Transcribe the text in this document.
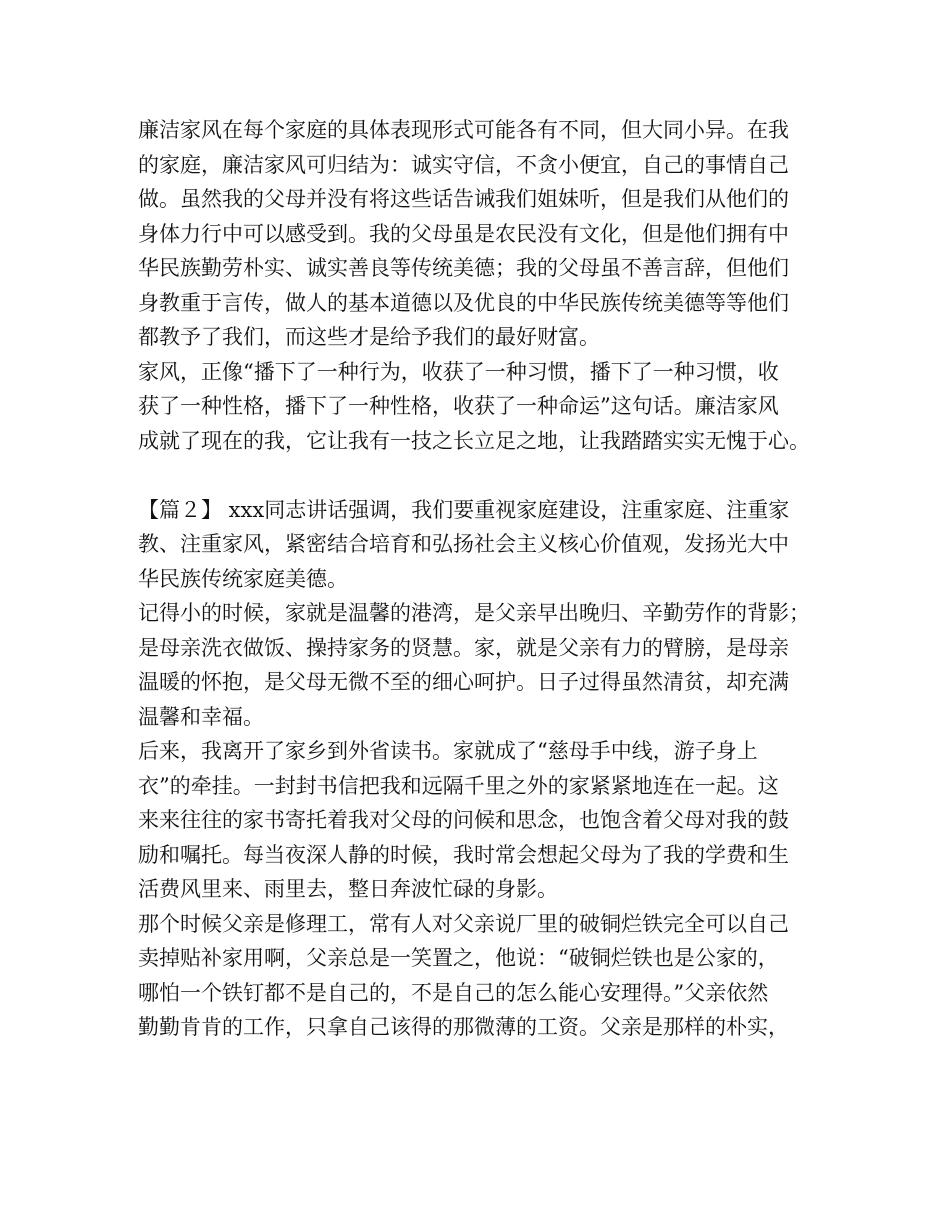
廉洁家风在每个家庭的具体表现形式可能各有不同，但大同小异。在我
的家庭，廉洁家风可归结为：诚实守信，不贪小便宜，自己的事情自己
做。虽然我的父母并没有将这些话告诫我们姐妹听，但是我们从他们的
身体力行中可以感受到。我的父母虽是农民没有文化，但是他们拥有中
华民族勤劳朴实、诚实善良等传统美德；我的父母虽不善言辞，但他们
身教重于言传，做人的基本道德以及优良的中华民族传统美德等等他们
都教予了我们，而这些才是给予我们的最好财富。
家风，正像“播下了一种行为，收获了一种习惯，播下了一种习惯，收
获了一种性格，播下了一种性格，收获了一种命运”这句话。廉洁家风
成就了现在的我，它让我有一技之长立足之地，让我踏踏实实无愧于心。
【篇２】 xxx同志讲话强调，我们要重视家庭建设，注重家庭、注重家
教、注重家风，紧密结合培育和弘扬社会主义核心价值观，发扬光大中
华民族传统家庭美德。
记得小的时候，家就是温馨的港湾，是父亲早出晚归、辛勤劳作的背影；
是母亲洗衣做饭、操持家务的贤慧。家，就是父亲有力的臂膀，是母亲
温暖的怀抱，是父母无微不至的细心呵护。日子过得虽然清贫，却充满
温馨和幸福。
后来，我离开了家乡到外省读书。家就成了“慈母手中线，游子身上
衣”的牵挂。一封封书信把我和远隔千里之外的家紧紧地连在一起。这
来来往往的家书寄托着我对父母的问候和思念，也饱含着父母对我的鼓
励和嘱托。每当夜深人静的时候，我时常会想起父母为了我的学费和生
活费风里来、雨里去，整日奔波忙碌的身影。
那个时候父亲是修理工，常有人对父亲说厂里的破铜烂铁完全可以自己
卖掉贴补家用啊，父亲总是一笑置之，他说：“破铜烂铁也是公家的，
哪怕一个铁钉都不是自己的，不是自己的怎么能心安理得。”父亲依然
勤勤肯肯的工作，只拿自己该得的那微薄的工资。父亲是那样的朴实，
